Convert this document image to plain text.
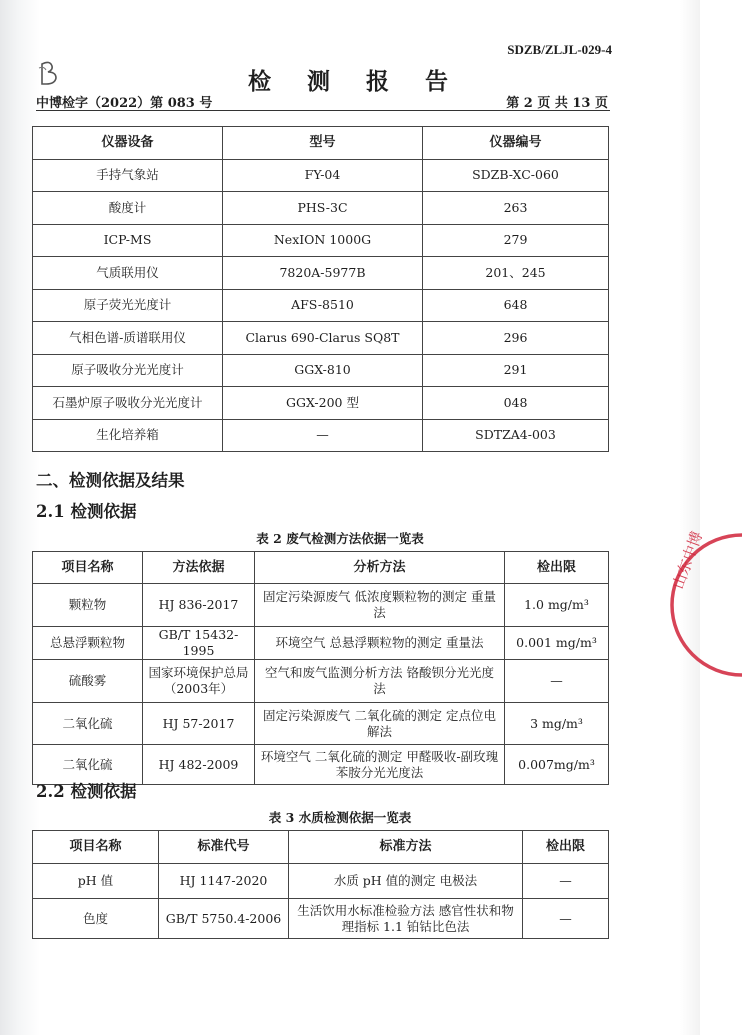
SDZB/ZLJL-029-4
检 测 报 告
中博检字（2022）第 083 号	第 2 页 共 13 页
仪器设备	型号	仪器编号
手持气象站	FY-04	SDZB-XC-060
酸度计	PHS-3C	263
ICP-MS	NexION 1000G	279
气质联用仪	7820A-5977B	201、245
原子荧光光度计	AFS-8510	648
气相色谱-质谱联用仪	Clarus 690-Clarus SQ8T	296
原子吸收分光光度计	GGX-810	291
石墨炉原子吸收分光光度计	GGX-200 型	048
生化培养箱	—	SDTZA4-003
二、检测依据及结果
2.1 检测依据
表 2 废气检测方法依据一览表
项目名称	方法依据	分析方法	检出限
颗粒物	HJ 836-2017	固定污染源废气 低浓度颗粒物的测定 重量法	1.0 mg/m³
总悬浮颗粒物	GB/T 15432-1995	环境空气 总悬浮颗粒物的测定 重量法	0.001 mg/m³
硫酸雾	国家环境保护总局（2003年）	空气和废气监测分析方法 铬酸钡分光光度法	—
二氧化硫	HJ 57-2017	固定污染源废气 二氧化硫的测定 定点位电解法	3 mg/m³
二氧化硫	HJ 482-2009	环境空气 二氧化硫的测定 甲醛吸收-副玫瑰苯胺分光光度法	0.007mg/m³
2.2 检测依据
表 3 水质检测依据一览表
项目名称	标准代号	标准方法	检出限
pH 值	HJ 1147-2020	水质 pH 值的测定 电极法	—
色度	GB/T 5750.4-2006	生活饮用水标准检验方法 感官性状和物理指标 1.1 铂钴比色法	—
山东中博
